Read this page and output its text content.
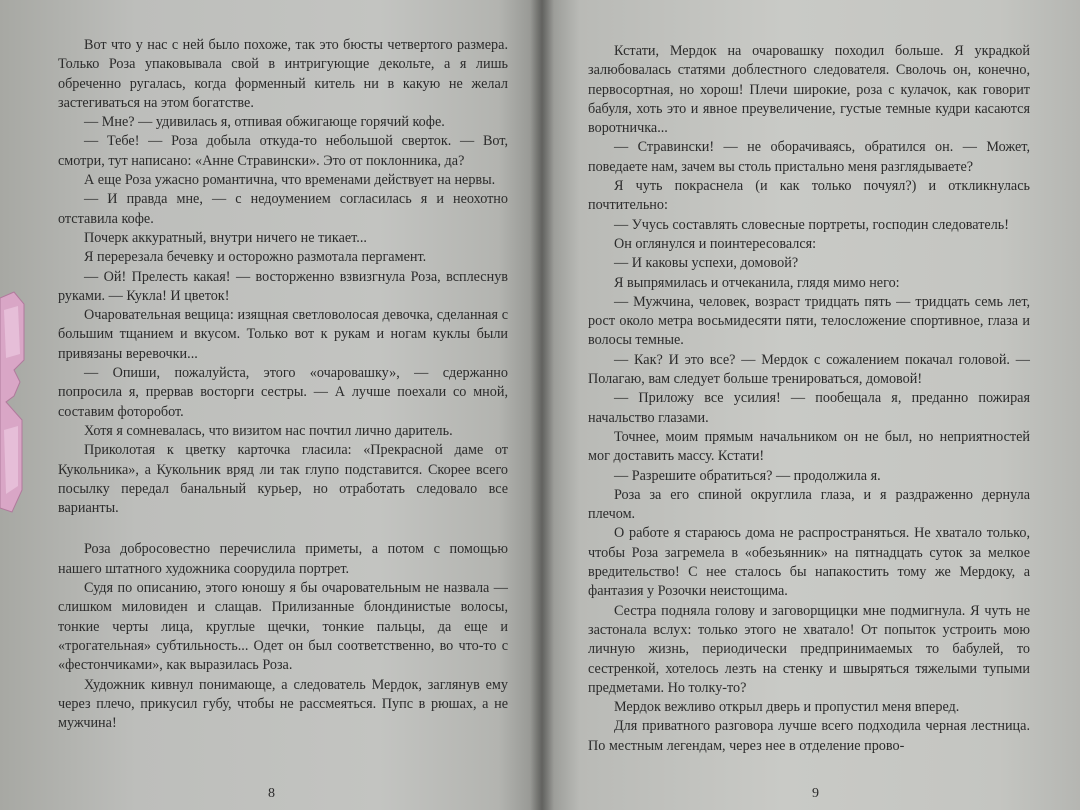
Вот что у нас с ней было похоже, так это бюсты четвертого размера. Только Роза упаковывала свой в интригующие декольте, а я лишь обреченно ругалась, когда форменный китель ни в какую не желал застегиваться на этом богатстве.

— Мне? — удивилась я, отпивая обжигающе горячий кофе.

— Тебе! — Роза добыла откуда-то небольшой сверток. — Вот, смотри, тут написано: «Анне Стравински». Это от поклонника, да?

А еще Роза ужасно романтична, что временами действует на нервы.

— И правда мне, — с недоумением согласилась я и неохотно отставила кофе.

Почерк аккуратный, внутри ничего не тикает...

Я перерезала бечевку и осторожно размотала пергамент.

— Ой! Прелесть какая! — восторженно взвизгнула Роза, всплеснув руками. — Кукла! И цветок!

Очаровательная вещица: изящная светловолосая девочка, сделанная с большим тщанием и вкусом. Только вот к рукам и ногам куклы были привязаны веревочки...

— Опиши, пожалуйста, этого «очаровашку», — сдержанно попросила я, прервав восторги сестры. — А лучше поехали со мной, составим фоторобот.

Хотя я сомневалась, что визитом нас почтил лично даритель.

Приколотая к цветку карточка гласила: «Прекрасной даме от Кукольника», а Кукольник вряд ли так глупо подставится. Скорее всего посылку передал банальный курьер, но отработать следовало все варианты.

Роза добросовестно перечислила приметы, а потом с помощью нашего штатного художника соорудила портрет.

Судя по описанию, этого юношу я бы очаровательным не назвала — слишком миловиден и слащав. Прилизанные блондинистые волосы, тонкие черты лица, круглые щечки, тонкие пальцы, да еще и «трогательная» субтильность... Одет он был соответственно, во что-то с «фестончиками», как выразилась Роза.

Художник кивнул понимающе, а следователь Мердок, заглянув ему через плечо, прикусил губу, чтобы не рассмеяться. Пупс в рюшах, а не мужчина!

8

Кстати, Мердок на очаровашку походил больше. Я украдкой залюбовалась статями доблестного следователя. Сволочь он, конечно, первосортная, но хорош! Плечи широкие, роза с кулачок, как говорит бабуля, хоть это и явное преувеличение, густые темные кудри касаются воротничка...

— Стравински! — не оборачиваясь, обратился он. — Может, поведаете нам, зачем вы столь пристально меня разглядываете?

Я чуть покраснела (и как только почуял?) и откликнулась почтительно:

— Учусь составлять словесные портреты, господин следователь!

Он оглянулся и поинтересовался:

— И каковы успехи, домовой?

Я выпрямилась и отчеканила, глядя мимо него:

— Мужчина, человек, возраст тридцать пять — тридцать семь лет, рост около метра восьмидесяти пяти, телосложение спортивное, глаза и волосы темные.

— Как? И это все? — Мердок с сожалением покачал головой. — Полагаю, вам следует больше тренироваться, домовой!

— Приложу все усилия! — пообещала я, преданно пожирая начальство глазами.

Точнее, моим прямым начальником он не был, но неприятностей мог доставить массу. Кстати!

— Разрешите обратиться? — продолжила я.

Роза за его спиной округлила глаза, и я раздраженно дернула плечом.

О работе я стараюсь дома не распространяться. Не хватало только, чтобы Роза загремела в «обезьянник» на пятнадцать суток за мелкое вредительство! С нее сталось бы напакостить тому же Мердоку, а фантазия у Розочки неистощима.

Сестра подняла голову и заговорщицки мне подмигнула. Я чуть не застонала вслух: только этого не хватало! От попыток устроить мою личную жизнь, периодически предпринимаемых то бабулей, то сестренкой, хотелось лезть на стенку и швыряться тяжелыми тупыми предметами. Но толку-то?

Мердок вежливо открыл дверь и пропустил меня вперед.

Для приватного разговора лучше всего подходила черная лестница. По местным легендам, через нее в отделение прово-

9
